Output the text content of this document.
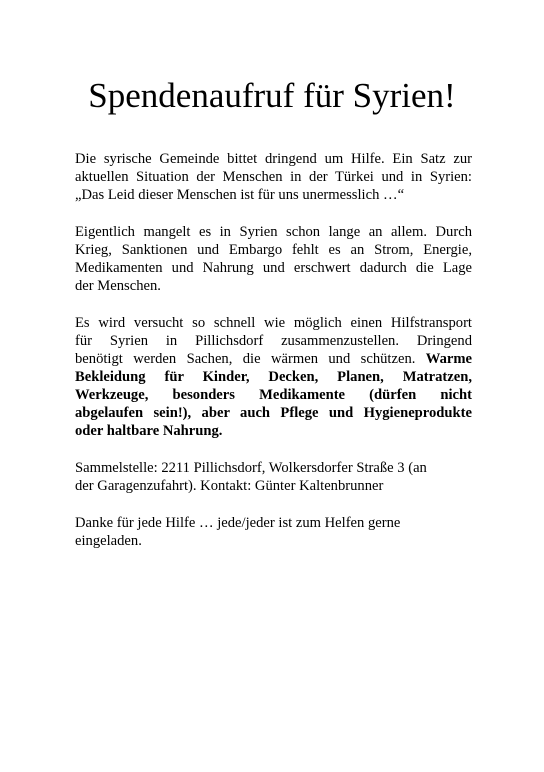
Spendenaufruf für Syrien!

Die syrische Gemeinde bittet dringend um Hilfe. Ein Satz zur
aktuellen Situation der Menschen in der Türkei und in Syrien:
„Das Leid dieser Menschen ist für uns unermesslich …“

Eigentlich mangelt es in Syrien schon lange an allem. Durch
Krieg, Sanktionen und Embargo fehlt es an Strom, Energie,
Medikamenten und Nahrung und erschwert dadurch die Lage
der Menschen.

Es wird versucht so schnell wie möglich einen Hilfstransport
für Syrien in Pillichsdorf zusammenzustellen. Dringend
benötigt werden Sachen, die wärmen und schützen. Warme
Bekleidung für Kinder, Decken, Planen, Matratzen,
Werkzeuge, besonders Medikamente (dürfen nicht
abgelaufen sein!), aber auch Pflege und Hygieneprodukte
oder haltbare Nahrung.

Sammelstelle: 2211 Pillichsdorf, Wolkersdorfer Straße 3 (an
der Garagenzufahrt). Kontakt: Günter Kaltenbrunner

Danke für jede Hilfe … jede/jeder ist zum Helfen gerne
eingeladen.
